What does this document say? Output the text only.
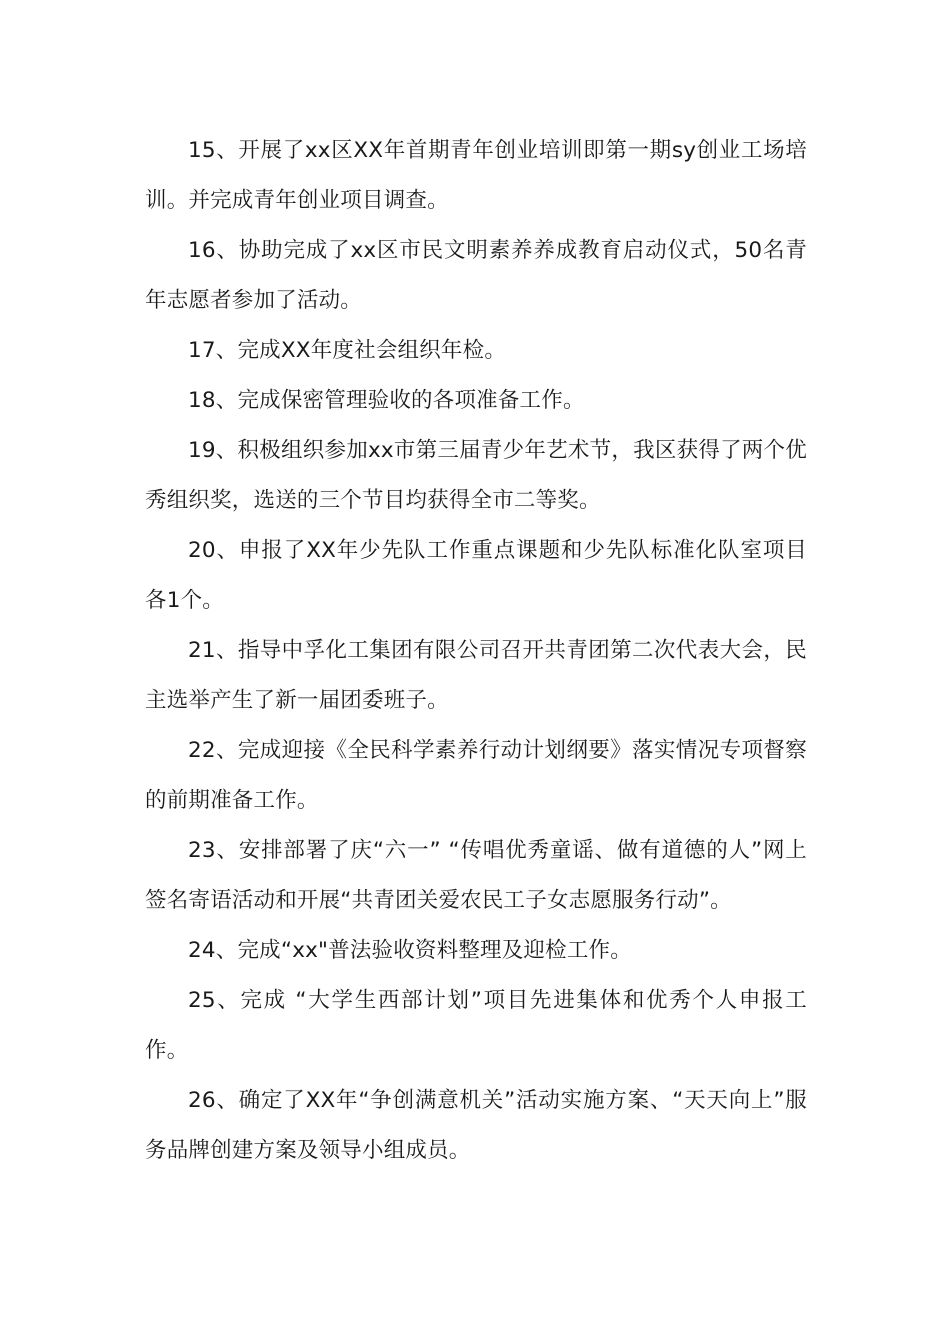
15、开展了xx区XX年首期青年创业培训即第一期sy创业工场培训。并完成青年创业项目调查。

16、协助完成了xx区市民文明素养养成教育启动仪式，50名青年志愿者参加了活动。

17、完成XX年度社会组织年检。

18、完成保密管理验收的各项准备工作。

19、积极组织参加xx市第三届青少年艺术节，我区获得了两个优秀组织奖，选送的三个节目均获得全市二等奖。

20、申报了XX年少先队工作重点课题和少先队标准化队室项目各1个。

21、指导中孚化工集团有限公司召开共青团第二次代表大会，民主选举产生了新一届团委班子。

22、完成迎接《全民科学素养行动计划纲要》落实情况专项督察的前期准备工作。

23、安排部署了庆“六一” “传唱优秀童谣、做有道德的人”网上签名寄语活动和开展“共青团关爱农民工子女志愿服务行动”。

24、完成“xx"普法验收资料整理及迎检工作。

25、完成 “大学生西部计划”项目先进集体和优秀个人申报工作。

26、确定了XX年“争创满意机关”活动实施方案、“天天向上”服务品牌创建方案及领导小组成员。
